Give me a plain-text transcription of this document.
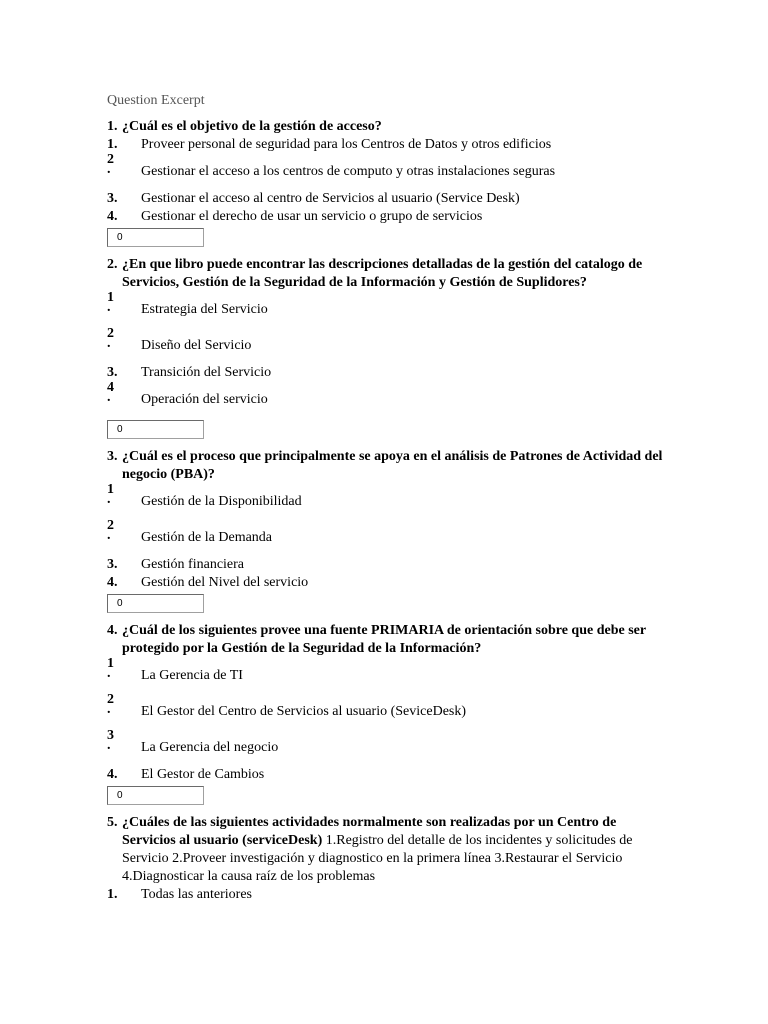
Question Excerpt
1. ¿Cuál es el objetivo de la gestión de acceso?
1.	Proveer personal de seguridad para los Centros de Datos y otros edificios
2
.	Gestionar el acceso a los centros de computo y otras instalaciones seguras
3.	Gestionar el acceso al centro de Servicios al usuario (Service Desk)
4.	Gestionar el derecho de usar un servicio o grupo de servicios
0
2. ¿En que libro puede encontrar las descripciones detalladas de la gestión del catalogo de Servicios, Gestión de la Seguridad de la Información y Gestión de Suplidores?
1
.	Estrategia del Servicio
2
.	Diseño del Servicio
3.	Transición del Servicio
4
.	Operación del servicio
0
3. ¿Cuál es el proceso que principalmente se apoya en el análisis de Patrones de Actividad del negocio (PBA)?
1
.	Gestión de la Disponibilidad
2
.	Gestión de la Demanda
3.	Gestión financiera
4.	Gestión del Nivel del servicio
0
4. ¿Cuál de los siguientes provee una fuente PRIMARIA de orientación sobre que debe ser protegido por la Gestión de la Seguridad de la Información?
1
.	La Gerencia de TI
2
.	El Gestor del Centro de Servicios al usuario (SeviceDesk)
3
.	La Gerencia del negocio
4.	El Gestor de Cambios
0
5. ¿Cuáles de las siguientes actividades normalmente son realizadas por un Centro de Servicios al usuario (serviceDesk) 1.Registro del detalle de los incidentes y solicitudes de Servicio 2.Proveer investigación y diagnostico en la primera línea 3.Restaurar el Servicio 4.Diagnosticar la causa raíz de los problemas
1.	Todas las anteriores
